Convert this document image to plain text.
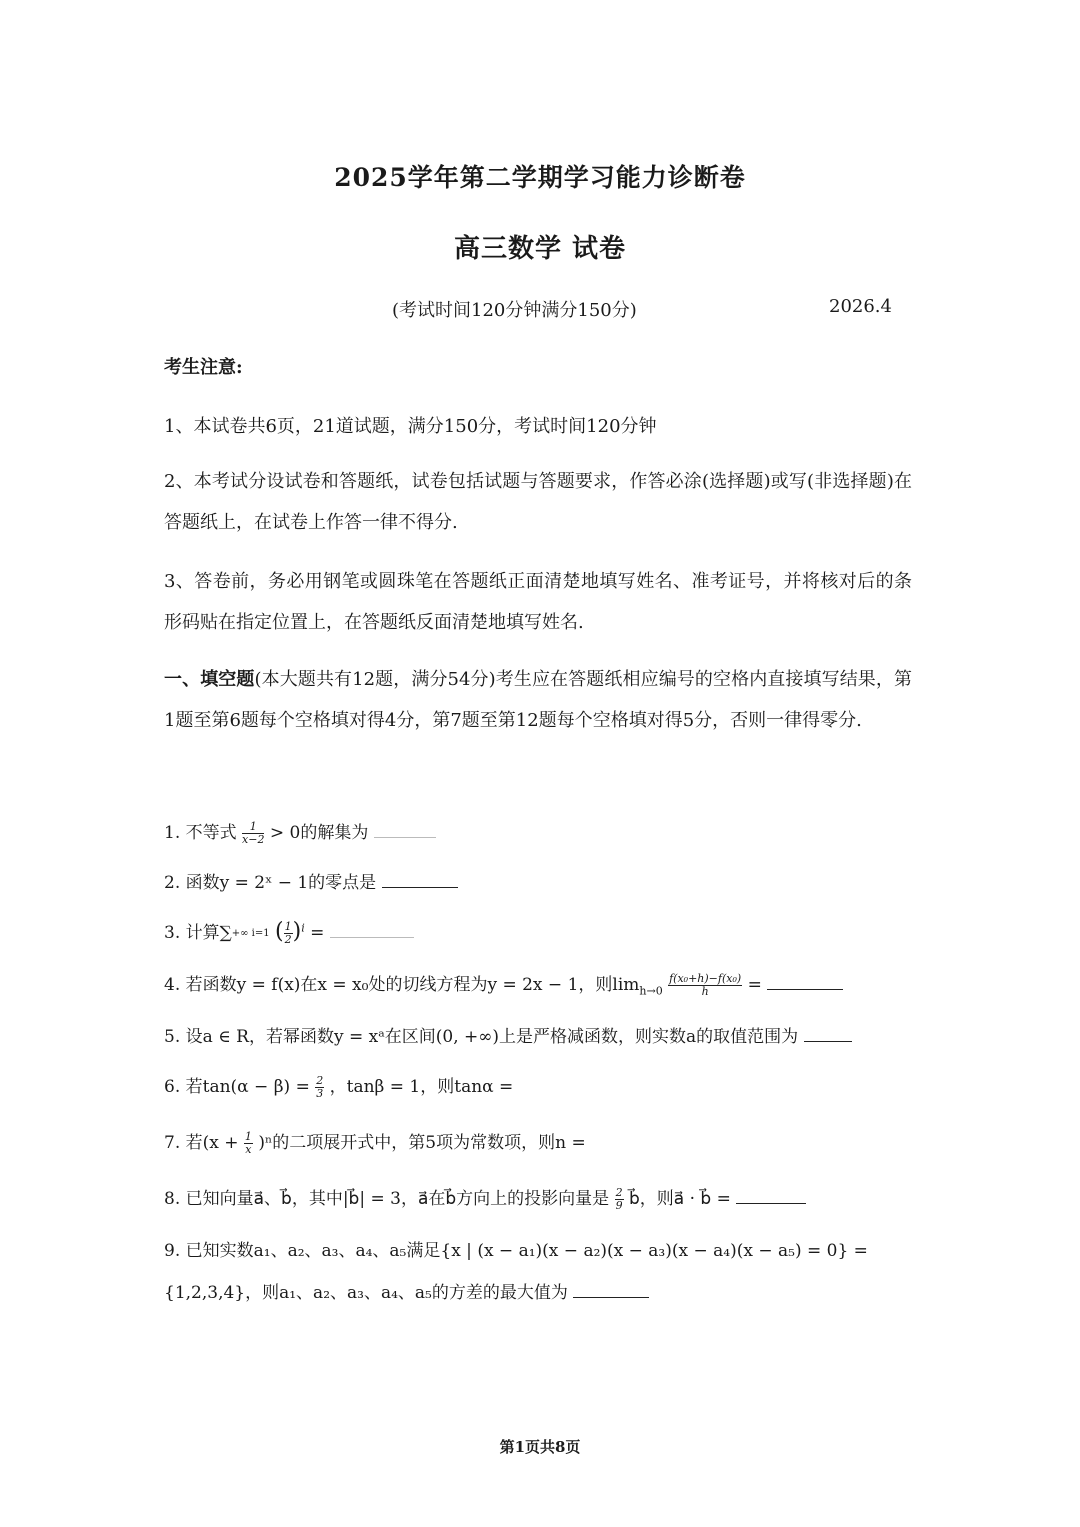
2025学年第二学期学习能力诊断卷
高三数学 试卷
(考试时间120分钟满分150分)	2026.4
考生注意:
1、本试卷共6页，21道试题，满分150分，考试时间120分钟
2、本考试分设试卷和答题纸，试卷包括试题与答题要求，作答必涂(选择题)或写(非选择题)在答题纸上，在试卷上作答一律不得分.
3、答卷前，务必用钢笔或圆珠笔在答题纸正面清楚地填写姓名、准考证号，并将核对后的条形码贴在指定位置上，在答题纸反面清楚地填写姓名.
一、填空题(本大题共有12题，满分54分)考生应在答题纸相应编号的空格内直接填写结果，第1题至第6题每个空格填对得4分，第7题至第12题每个空格填对得5分，否则一律得零分.
1. 不等式 $\frac{1}{x-2} > 0$的解集为
2. 函数y = 2ˣ − 1的零点是
3. 计算∑+∞ i=1 ( $\frac{1}{2} )^i$ =
4. 若函数y = f(x)在x = x₀处的切线方程为y = 2x − 1，则$\lim_{h\to 0} \frac{\text{f(x₀+h)−f(x₀)}}{h}$ =
5. 设a ∈ R，若幂函数y = xᵃ在区间(0, +∞)上是严格减函数，则实数a的取值范围为
6. 若$\tan(\alpha - \beta) = \frac{2}{3}$ ，tanβ = 1，则tanα =
7. 若$(x + \frac{1}{x} )^n$的二项展开式中，第5项为常数项，则n =
8. 已知向量a⃗、b⃗，其中|b⃗| = 3，a⃗在b⃗方向上的投影向量是 $\frac{2}{9}$ b⃗，则a⃗ · b⃗ =
9. 已知实数a₁、a₂、a₃、a₄、a₅满足{x | (x − a₁)(x − a₂)(x − a₃)(x − a₄)(x − a₅) = 0} =
{1,2,3,4}，则a₁、a₂、a₃、a₄、a₅的方差的最大值为
第1页共8页
